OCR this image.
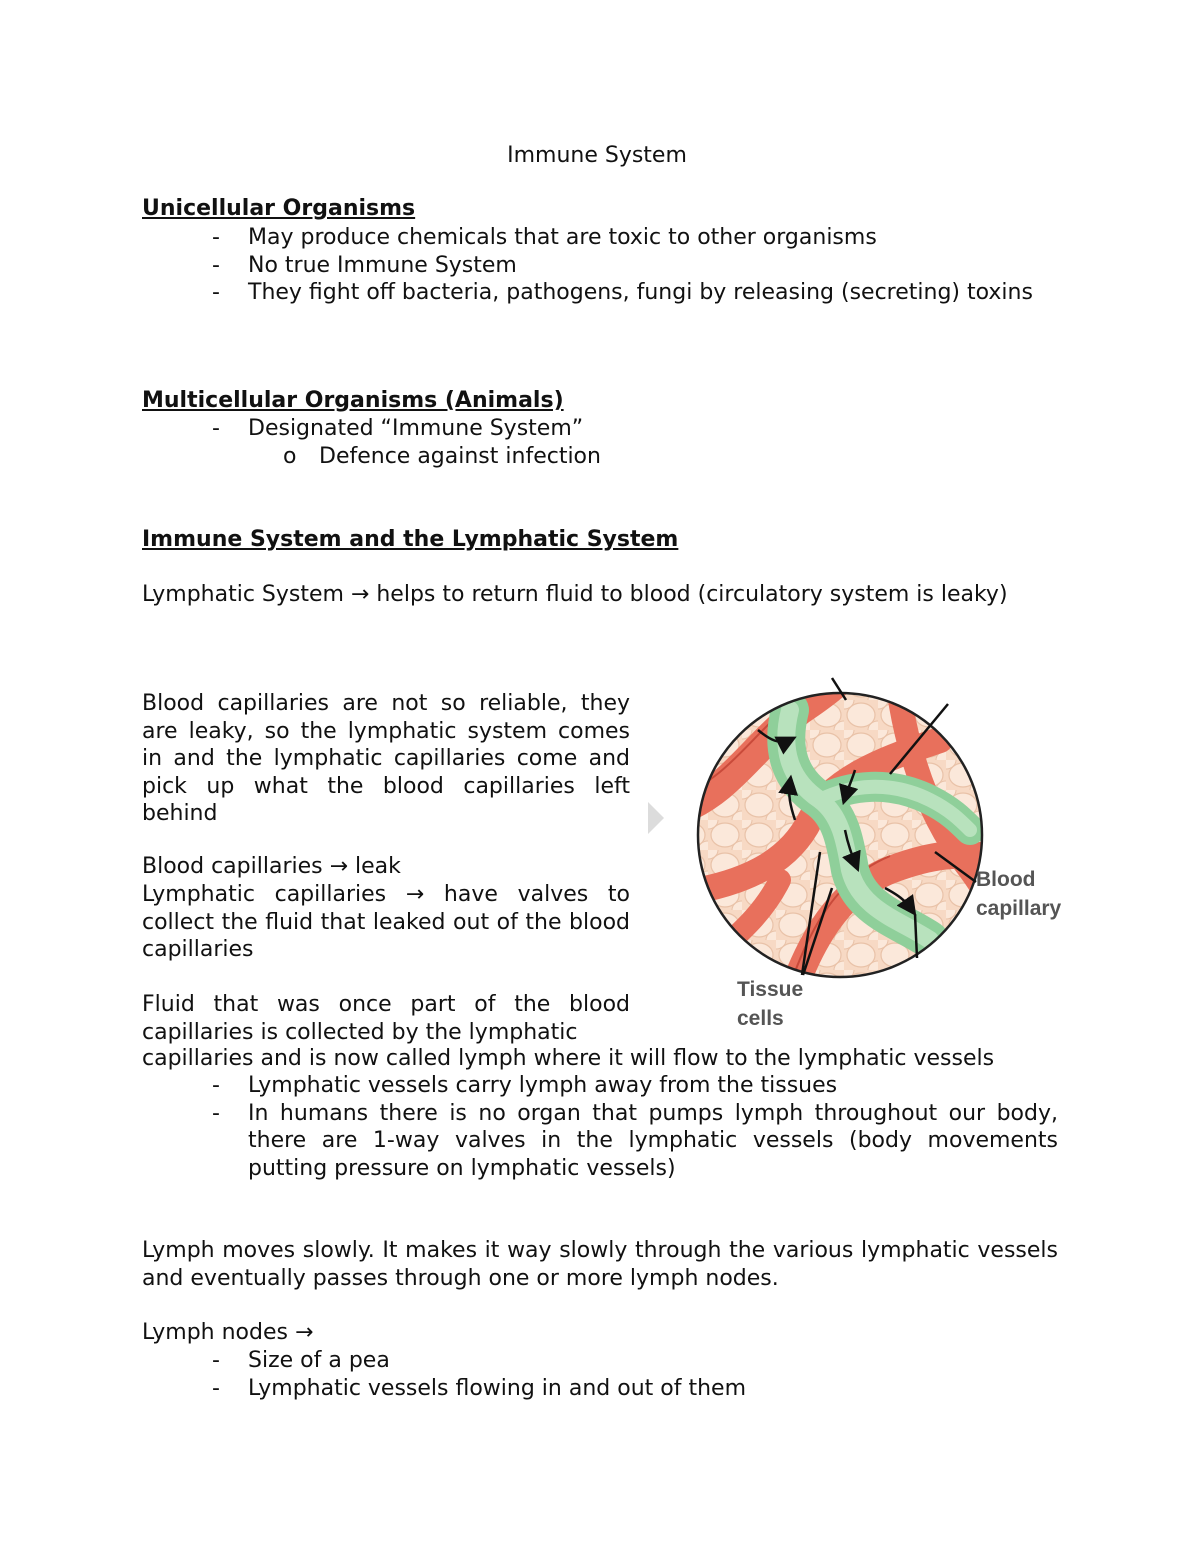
Immune System
Unicellular Organisms
- May produce chemicals that are toxic to other organisms
- No true Immune System
- They fight off bacteria, pathogens, fungi by releasing (secreting) toxins
Multicellular Organisms (Animals)
- Designated “Immune System”
o Defence against infection
Immune System and the Lymphatic System
Lymphatic System → helps to return fluid to blood (circulatory system is leaky)
Blood capillaries are not so reliable, they are leaky, so the lymphatic system comes in and the lymphatic capillaries come and pick up what the blood capillaries left behind
Blood capillaries → leak
Lymphatic capillaries → have valves to collect the fluid that leaked out of the blood capillaries
Fluid that was once part of the blood capillaries is collected by the lymphatic
capillaries and is now called lymph where it will flow to the lymphatic vessels
- Lymphatic vessels carry lymph away from the tissues
- In humans there is no organ that pumps lymph throughout our body, there are 1-way valves in the lymphatic vessels (body movements putting pressure on lymphatic vessels)
Lymph moves slowly. It makes it way slowly through the various lymphatic vessels and eventually passes through one or more lymph nodes.
Lymph nodes →
- Size of a pea
- Lymphatic vessels flowing in and out of them
Blood
capillary
Tissue
cells
